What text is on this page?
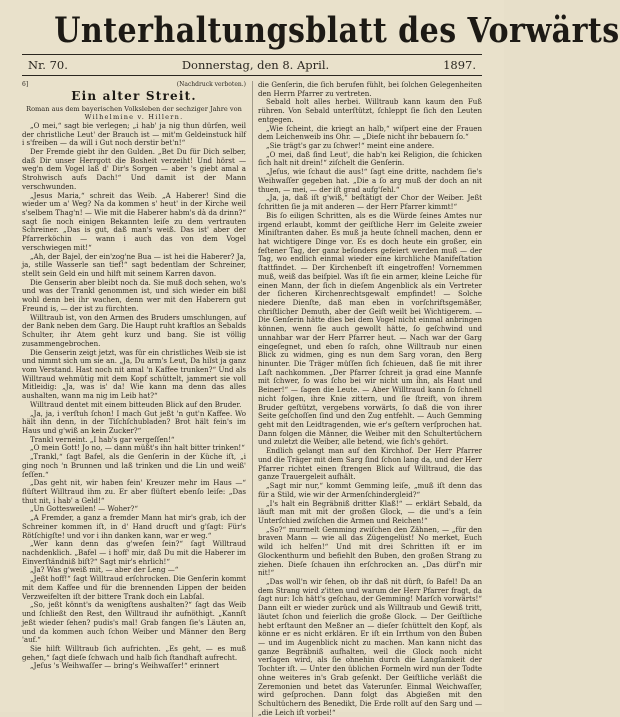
Unterhaltungsblatt des Vorwärts
Nr. 70.	Donnerstag, den 8. April.	1897.
6]	(Nachdruck verboten.)
Ein alter Streit.
Roman aus dem bayerischen Volksleben der sechziger Jahre von Wilhelmine v. Hillern.

„O mei,“ sagt bie verlegen; „i hab' ja nig thun dürfen, weil der christliche Leut' der Brauch ist — mit'm Geldeinstuck hilf i s'freiben — da will i Gut noch derstir bet'n!“

Der Fremde giebt ihr den Gulden. „Bet Du für Dich selber, daß Dir unser Herrgott die Bosheit verzeiht! Und hörst — weg'n dem Vogel laß d' Dir's Sorgen — aber 's giebt amal a Strohwisch aufs Dach!“ Und damit ist der Mann verschwunden.

„Jesus Maria,“ schreit das Weib. „A Haberer! Sind die wieder um a' Weg? Na da kommen s' heut' in der Kirche weil s'selbem Thag'n! — Wie mit die Haberer habm's dà da drinn?“ sagt ſie noch einigen Bekannten leiſe zu dem vertrauten Schreiner. „Das is gut, daß man's weiß. Das ist' aber der Pfarrerköchin — wann i auch das von dem Vogel verschwiegen mit!“

„Ah, der Bajel, der ein'zog'ne Bua — ist hei die Haberer? Ja, ja, stille Wasserle san tief!“ sagt bedentlam der Schreiner, stellt sein Geld ein und hilft mit seinem Karren davon.

Die Genserin aber bleibt noch da. Sie muß doch sehen, wo's und was der Trankl genommen ist, und sich wieder ein bißl wohl denn bei ihr wachen, denn wer mit den Haberern gut Freund is, — der ist zu fürchten.

Willtraub ist, von den Armen des Bruders umschlungen, auf der Bank neben dem Garg. Die Haupt ruht kraftlos an Sebalds Schulter, ihr Atem geht kurz und bang. Sie ist völlig zusammengebrochen.

Die Genserin zeigt jetzt, was für ein christliches Weib sie ist und nimmt sich um sie an. „Ja, Du arm's Leut, Da hilst ja ganz vom Verstand. Hast noch nit amal 'n Kaffee trunken?“ Und als Willtraud wehmütig mit dem Kopf schüttelt, jammert sie voll Mitleidig: „Ja, was is' da! Wie kann ma denn das alles aushalten, wann ma nig im Leib hat?“

Willtraud dentet mit einem bitteuden Blick auf den Bruder.

„Ja, ja, i verſtuh ſchon! I mach Gut jeßt 'n gut'n Kaffee. Wo hält ihn denn, in der Tiſchſchubladen? Brot hält fein's im Haus und g'wiß an kein Zucker?“

Trankl verneint. „I hab's gar vergeſſen!“

„O mein Gott! Jo no, — dann müßt's ihn halt bitter trinken!“

„Trankl,“ ſagt Bafel, als die Genſerin in der Küche iſt, „i ging noch 'n Brunnen und laß trinken und die Lin und weiß' ſeſſen.“

„Das geht nit, wir haben fein' Kreuzer mehr im Haus —“ flüſtert Willtraud ihm zu. Er aber flüſtert ebenſo leiſe: „Das thut nit, i hab' a Geld!“

„Un Gottesweilen! — Woher?“

„A Fremder, a ganz a fremder Mann hat mir's grab, ich der Schreiner kommen iſt, in d' Hand drucft und g'ſagt: Für's Rötſchigſte! und vor i ihn danken kann, war er weg.“

„Wer kann denn das g'weſen ſein?“ ſagt Willtraud nachdenklich. „Bafel — i hoff' mir, daß Du mit die Haberer im Einverſtändniß biſt?“ Sagt mir's ehrlich!“

„Ja? Was g'weiß mit, — aber der Leng —“

„Jeßt hoff!“ ſagt Willtraud erſchrocken. Die Genſerin kommt mit dem Kaffee und für die brennenden Lippen der beiden Verzweifelten iſt der bittere Trank doch ein Labſal.

„So, jeßt könnt's da wenigſtens aushalten?“ ſagt das Weib und ſchließt den Rest, den Willtraud ihr aufnöthigt. „Kannſt jeßt wieder ſehen? pudis's mal! Grab fangen ſie's Läuten an, und da kommen auch ſchon Weiber und Männer den Berg 'auf.“

Sie hilft Willtraub ſich aufrichten. „Es geht, — es muß gehen,“ ſagt dieſe ſchwach und halb ſich ſtandhaft aufrecht.

„Jeſus 's Weihwaſſer — bring's Weihwaſſer!“ erinnert

die Genſerin, die ſich berufen fühlt, bei ſolchen Gelegenheiten den Herrn Pfarrer zu vertreten.

Sebald holt alles herbei. Willtraub kann kaum den Fuß rühren. Von Sebald unterſtützt, ſchleppt ſie ſich den Leuten entgegen.

„Wie ſcheint, die kriegt an halb,“ wiſpert eine der Frauen dem Leichenweib ins Ohr. — „Dieſe nicht ihr bebauern ſo.“

„Sie trägt's gar zu ſchwer!“ meint eine andere.

„O mei, daß ſind Leut', die hab'n kei Religion, die ſchicken ſich halt nit drein!“ ziſchelt die Genſerin.

„Jeſus, wie ſchaut die aus!“ ſagt eine dritte, nachdem ſie's Weihwaſſer gegeben hat. „Die a ſo arg muß der doch an nit thuen, — mei, — der iſt grad aufg'ſehl.“

„Ja, ja, daß iſt g'wiß,“ beſtätigt der Chor der Weiber. Jeßt ſchritten ſie ja mit anderen — der Herr Pfarrer kimmt!“

Bis ſo eiligen Schritten, als es die Würde ſeines Amtes nur irgend erlaubt, kommt der geiſtliche Herr im Geleite zweier Miniſtranten daher. Es muß ja heute ſchnell machen, denn er hat wichtigere Dinge vor. Es es doch heute ein großer, ein feſtener Tag, der ganz beſonders gefeiert werden muß — der Tag, wo endlich einmal wieder eine kirchliche Manifeſtation ſtattfindet. — Der Kirchenbeſt iſt eingetroffen! Vornemmen muß, weiß das beiſpiel. Was iſt ſie ein armer, kleine Leiche für einen Mann, der ſich in dieſem Angenblick als ein Vertreter der ſicheren Kirchenrechtsgewalt empfindet! — Solche niedere Dienſte, daß man eben in vorſchriftsgemäßer, chriſtlicher Demuth, aber der Geiſt weilt bei Wichtigerem. — Die Genſerin hätte dies bei dem Vogel nicht einmal anbringen können, wenn ſie auch gewollt hätte, ſo geſchwind und unnahbar war der Herr Pfarrer heut. — Nach war der Garg eingeſegnet, und eben ſo raſch, ohne Willtraub nur einen Blick zu widmen, ging es nun dem Sarg voran, den Berg hinunter. Die Träger müſſen ſich ſchieuen, daß ſie mit ihrer Laſt nachkommen. „Der Pfarrer ſchreit ja grad eine Mannfe mit ſchwer, ſo was ſcho bei wir nicht um ihn, als Haut und Beiner!“ — ſagen die Leute. — Aber Willtraud kann ſo ſchnell nicht folgen, ihre Knie zittern, und ſie ſtreift, von ihrem Bruder geſtützt, vergebens vorwärts, ſo daß die von ihrer Seite geſchoſſen ſind und den Zug entfehlt. — Auch Gemming geht mit den Leidtragenden, wie er's geſtern verſprochen hat. Dann folgen die Männer, die Weiber mit den Schultertüchern und zuletzt die Weiber, alle betend, wie ſich's gehört.

Endlich gelangt man auf den Kirchhof. Der Herr Pfarrer und die Träger mit dem Sarg ſind ſchon lang da, und der Herr Pfarrer richtet einen ſtrengen Blick auf Willtraud, die das ganze Trauergeleit aufhält.

„Sagt mir nur,“ kommt Gemming leiſe, „muß iſt denn das für a Stild, wie wir der Armenſchindergleid?“

„I's halt ein Begräbniß dritter Klaß!“ — erklärt Sebald, da läuft man mit mit der großen Glock, — die und's a ſein Unterſchied zwiſchen die Armen und Reichen!“

„So?“ murmelt Gemming zwiſchen den Zähnen, — „für den braven Mann — wie all das Zügengelüst! No merket, Euch wild ich helfen!“ Und mit drei Schritten iſt er im Glockenthurm und befiehlt den Buben, den großen Strang zu ziehen. Dieſe ſchauen ihn erſchrocken an. „Das dürf'n mir nit!“

„Das woll'n wir ſehen, ob ihr daß nit dürft, ſo Bafel! Da an dem Strang wird z'itten und warum der Herr Pfarrer fragt, da ſagt nur: Ich hätt's geſchau, der Gemming! Marſch vorwärts!“ Dann eilt er wieder zurück und als Willtraub und Gewiß tritt, läutet ſchon und feierlich die große Glock. — Der Geiſtliche hebt erſtaunt den Meßner an — dieſer ſchüttelt den Kopf, als könne er es nicht erklären. Er iſt ein Irrthum von den Buben — und im Augenblick nicht zu machen. Man kann nicht das ganze Begräbniß aufhalten, weil die Glock noch nicht verſagen wird, als ſie ohnehin durch die Langſamkeit der Tochter iſt. — Unter den üblichen Formeln wird nun der Todte ohne weiteres in's Grab geſenkt. Der Geiſtliche verläßt die Zeremonien und betet das Vaterunſer. Einmal Weichwaſſer, wird geſprochen. Dann folgt das Abgießen mit den Schultüchern des Benedikt, Die Erde rollt auf den Sarg und — „die Leich iſt vorbei!“
